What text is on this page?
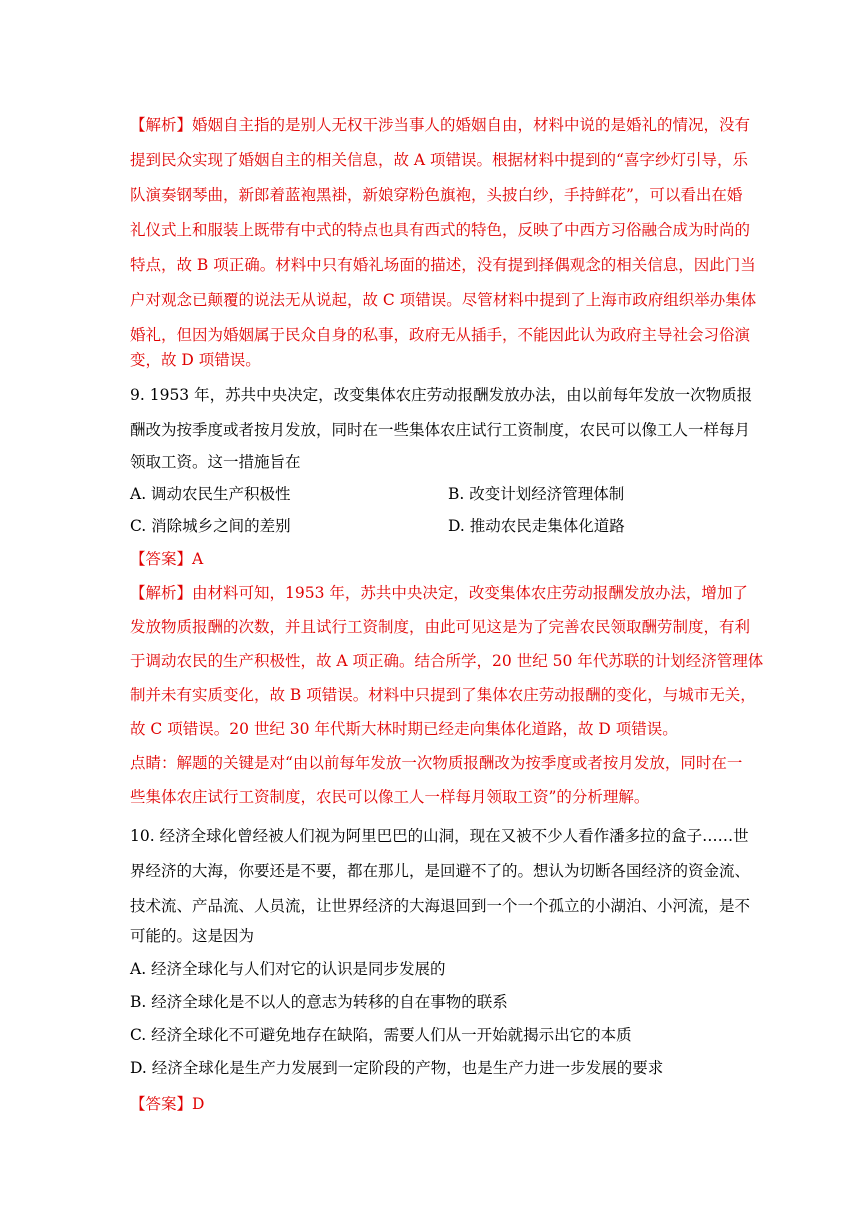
【解析】婚姻自主指的是别人无权干涉当事人的婚姻自由，材料中说的是婚礼的情况，没有
提到民众实现了婚姻自主的相关信息，故 A 项错误。根据材料中提到的“喜字纱灯引导，乐
队演奏钢琴曲，新郎着蓝袍黑褂，新娘穿粉色旗袍，头披白纱，手持鲜花”，可以看出在婚
礼仪式上和服装上既带有中式的特点也具有西式的特色，反映了中西方习俗融合成为时尚的
特点，故 B 项正确。材料中只有婚礼场面的描述，没有提到择偶观念的相关信息，因此门当
户对观念已颠覆的说法无从说起，故 C 项错误。尽管材料中提到了上海市政府组织举办集体
婚礼，但因为婚姻属于民众自身的私事，政府无从插手，不能因此认为政府主导社会习俗演
变，故 D 项错误。
9. 1953 年，苏共中央决定，改变集体农庄劳动报酬发放办法，由以前每年发放一次物质报
酬改为按季度或者按月发放，同时在一些集体农庄试行工资制度，农民可以像工人一样每月
领取工资。这一措施旨在
A. 调动农民生产积极性	B. 改变计划经济管理体制
C. 消除城乡之间的差别	D. 推动农民走集体化道路
【答案】A
【解析】由材料可知，1953 年，苏共中央决定，改变集体农庄劳动报酬发放办法，增加了
发放物质报酬的次数，并且试行工资制度，由此可见这是为了完善农民领取酬劳制度，有利
于调动农民的生产积极性，故 A 项正确。结合所学，20 世纪 50 年代苏联的计划经济管理体
制并未有实质变化，故 B 项错误。材料中只提到了集体农庄劳动报酬的变化，与城市无关，
故 C 项错误。20 世纪 30 年代斯大林时期已经走向集体化道路，故 D 项错误。
点睛：解题的关键是对“由以前每年发放一次物质报酬改为按季度或者按月发放，同时在一
些集体农庄试行工资制度，农民可以像工人一样每月领取工资”的分析理解。
10. 经济全球化曾经被人们视为阿里巴巴的山洞，现在又被不少人看作潘多拉的盒子……世
界经济的大海，你要还是不要，都在那儿，是回避不了的。想认为切断各国经济的资金流、
技术流、产品流、人员流，让世界经济的大海退回到一个一个孤立的小湖泊、小河流，是不
可能的。这是因为
A. 经济全球化与人们对它的认识是同步发展的
B. 经济全球化是不以人的意志为转移的自在事物的联系
C. 经济全球化不可避免地存在缺陷，需要人们从一开始就揭示出它的本质
D. 经济全球化是生产力发展到一定阶段的产物，也是生产力进一步发展的要求
【答案】D
